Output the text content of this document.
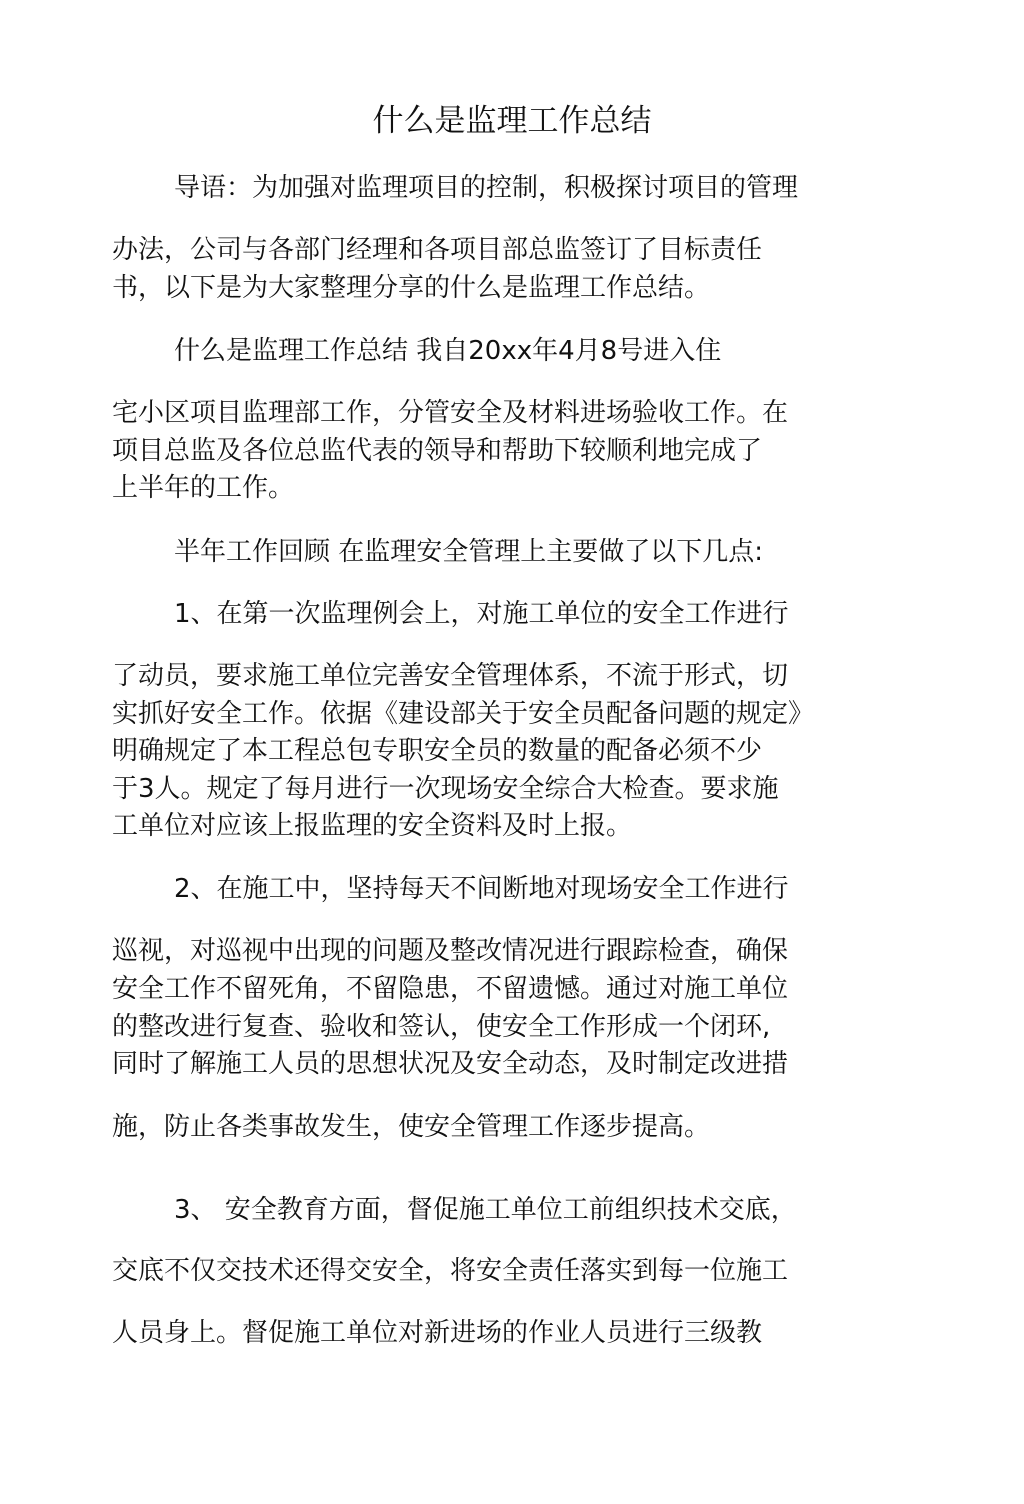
什么是监理工作总结
导语：为加强对监理项目的控制，积极探讨项目的管理
办法，公司与各部门经理和各项目部总监签订了目标责任
书，以下是为大家整理分享的什么是监理工作总结。
什么是监理工作总结 我自20xx年4月8号进入住
宅小区项目监理部工作，分管安全及材料进场验收工作。在
项目总监及各位总监代表的领导和帮助下较顺利地完成了
上半年的工作。
半年工作回顾 在监理安全管理上主要做了以下几点:
1、在第一次监理例会上，对施工单位的安全工作进行
了动员，要求施工单位完善安全管理体系，不流于形式，切
实抓好安全工作。依据《建设部关于安全员配备问题的规定》
明确规定了本工程总包专职安全员的数量的配备必须不少
于3人。规定了每月进行一次现场安全综合大检查。要求施
工单位对应该上报监理的安全资料及时上报。
2、在施工中，坚持每天不间断地对现场安全工作进行
巡视，对巡视中出现的问题及整改情况进行跟踪检查，确保
安全工作不留死角，不留隐患，不留遗憾。通过对施工单位
的整改进行复查、验收和签认，使安全工作形成一个闭环,
同时了解施工人员的思想状况及安全动态，及时制定改进措
施，防止各类事故发生，使安全管理工作逐步提高。
3、 安全教育方面，督促施工单位工前组织技术交底，
交底不仅交技术还得交安全，将安全责任落实到每一位施工
人员身上。督促施工单位对新进场的作业人员进行三级教
